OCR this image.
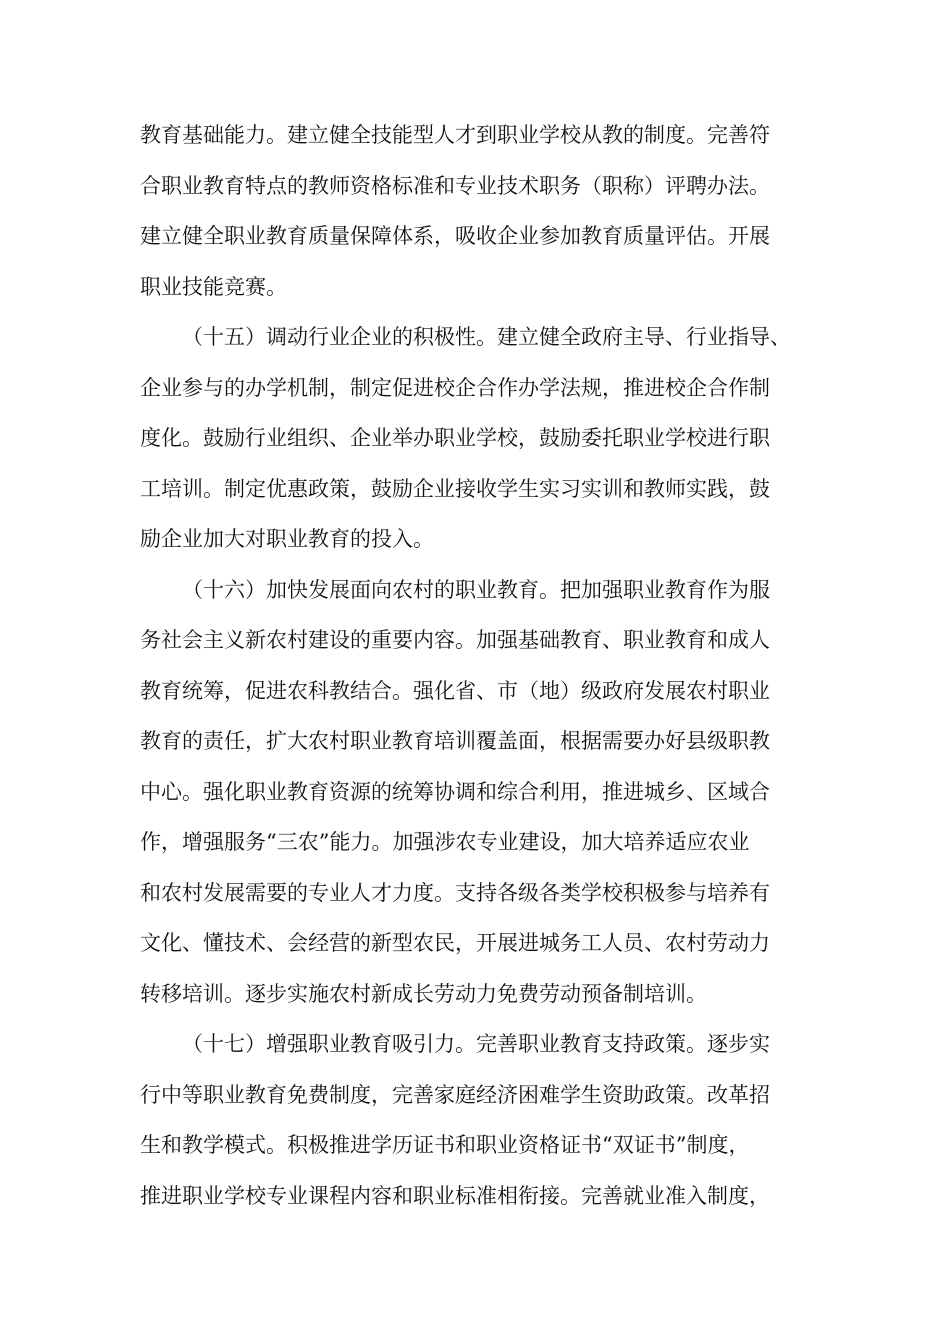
教育基础能力。建立健全技能型人才到职业学校从教的制度。完善符
合职业教育特点的教师资格标准和专业技术职务（职称）评聘办法。
建立健全职业教育质量保障体系，吸收企业参加教育质量评估。开展
职业技能竞赛。
（十五）调动行业企业的积极性。建立健全政府主导、行业指导、
企业参与的办学机制，制定促进校企合作办学法规，推进校企合作制
度化。鼓励行业组织、企业举办职业学校，鼓励委托职业学校进行职
工培训。制定优惠政策，鼓励企业接收学生实习实训和教师实践，鼓
励企业加大对职业教育的投入。
（十六）加快发展面向农村的职业教育。把加强职业教育作为服
务社会主义新农村建设的重要内容。加强基础教育、职业教育和成人
教育统筹，促进农科教结合。强化省、市（地）级政府发展农村职业
教育的责任，扩大农村职业教育培训覆盖面，根据需要办好县级职教
中心。强化职业教育资源的统筹协调和综合利用，推进城乡、区域合
作，增强服务“三农”能力。加强涉农专业建设，加大培养适应农业
和农村发展需要的专业人才力度。支持各级各类学校积极参与培养有
文化、懂技术、会经营的新型农民，开展进城务工人员、农村劳动力
转移培训。逐步实施农村新成长劳动力免费劳动预备制培训。
（十七）增强职业教育吸引力。完善职业教育支持政策。逐步实
行中等职业教育免费制度，完善家庭经济困难学生资助政策。改革招
生和教学模式。积极推进学历证书和职业资格证书“双证书”制度，
推进职业学校专业课程内容和职业标准相衔接。完善就业准入制度，
